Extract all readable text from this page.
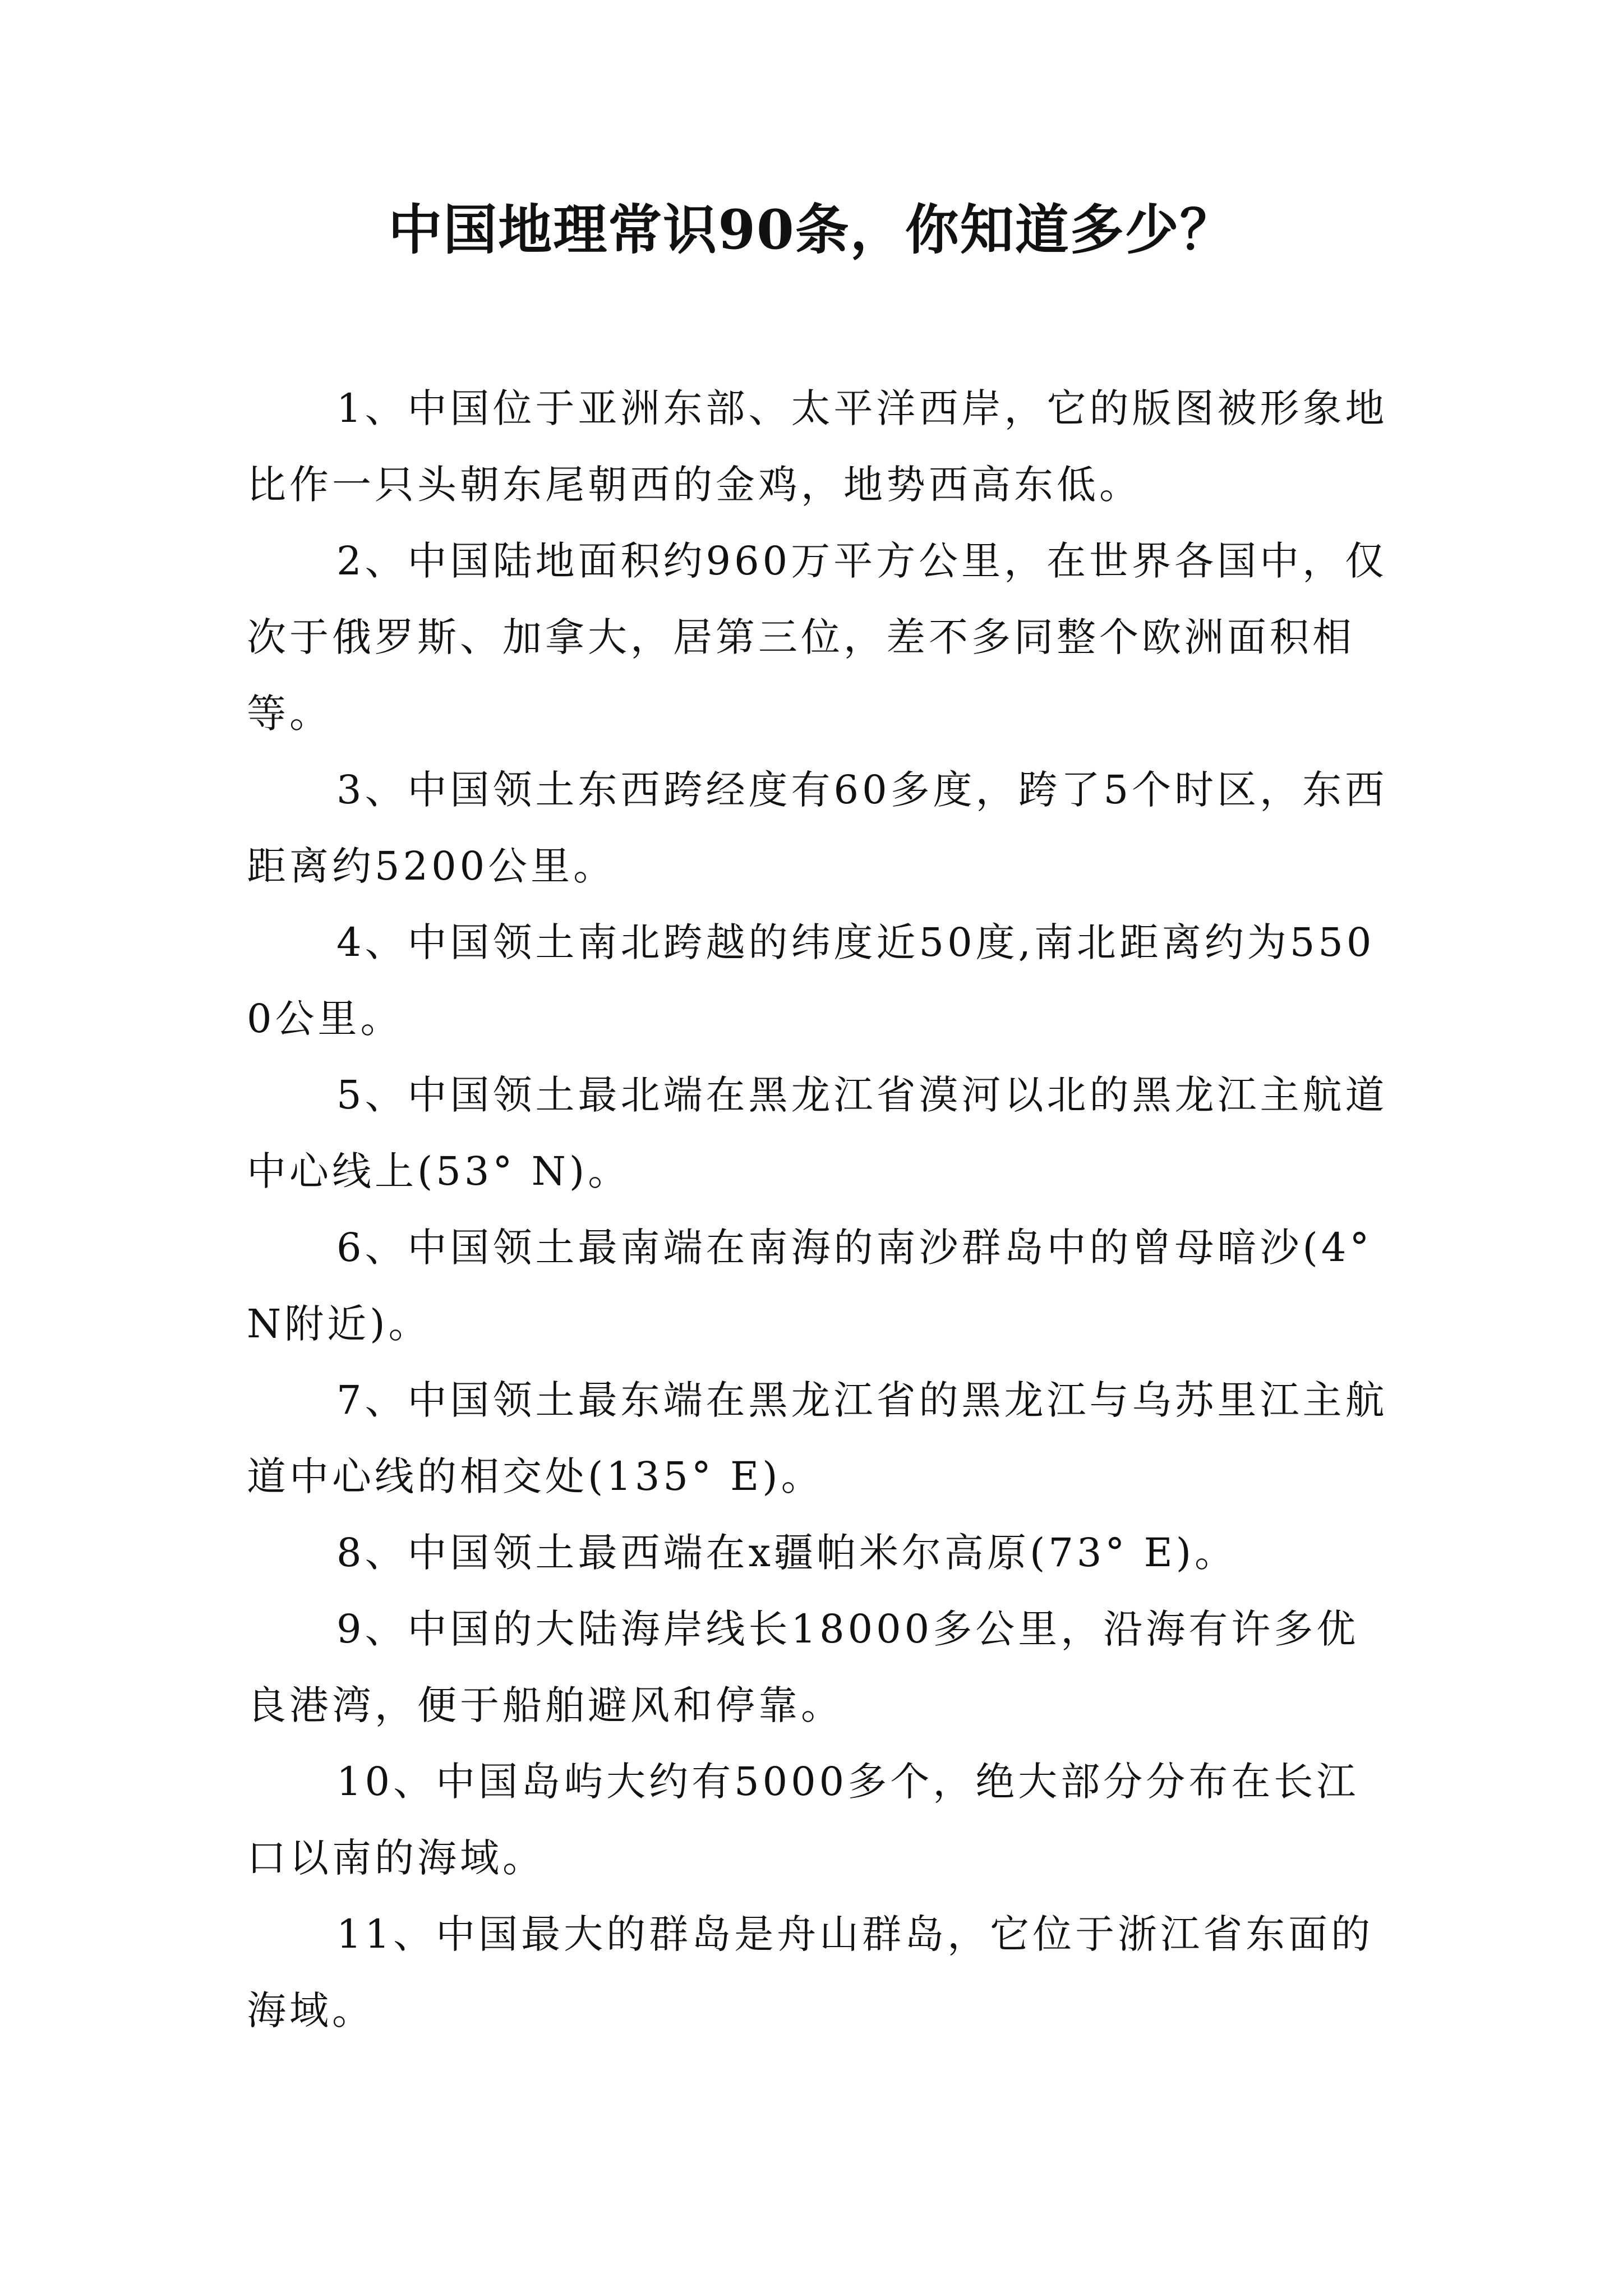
中国地理常识90条，你知道多少？

1、中国位于亚洲东部、太平洋西岸，它的版图被形象地比作一只头朝东尾朝西的金鸡，地势西高东低。

2、中国陆地面积约960万平方公里，在世界各国中，仅次于俄罗斯、加拿大，居第三位，差不多同整个欧洲面积相等。

3、中国领土东西跨经度有60多度，跨了5个时区，东西距离约5200公里。

4、中国领土南北跨越的纬度近50度,南北距离约为5500公里。

5、中国领土最北端在黑龙江省漠河以北的黑龙江主航道中心线上(53° N)。

6、中国领土最南端在南海的南沙群岛中的曾母暗沙(4° N附近)。

7、中国领土最东端在黑龙江省的黑龙江与乌苏里江主航道中心线的相交处(135° E)。

8、中国领土最西端在x疆帕米尔高原(73° E)。

9、中国的大陆海岸线长18000多公里，沿海有许多优良港湾，便于船舶避风和停靠。

10、中国岛屿大约有5000多个，绝大部分分布在长江口以南的海域。

11、中国最大的群岛是舟山群岛，它位于浙江省东面的海域。
